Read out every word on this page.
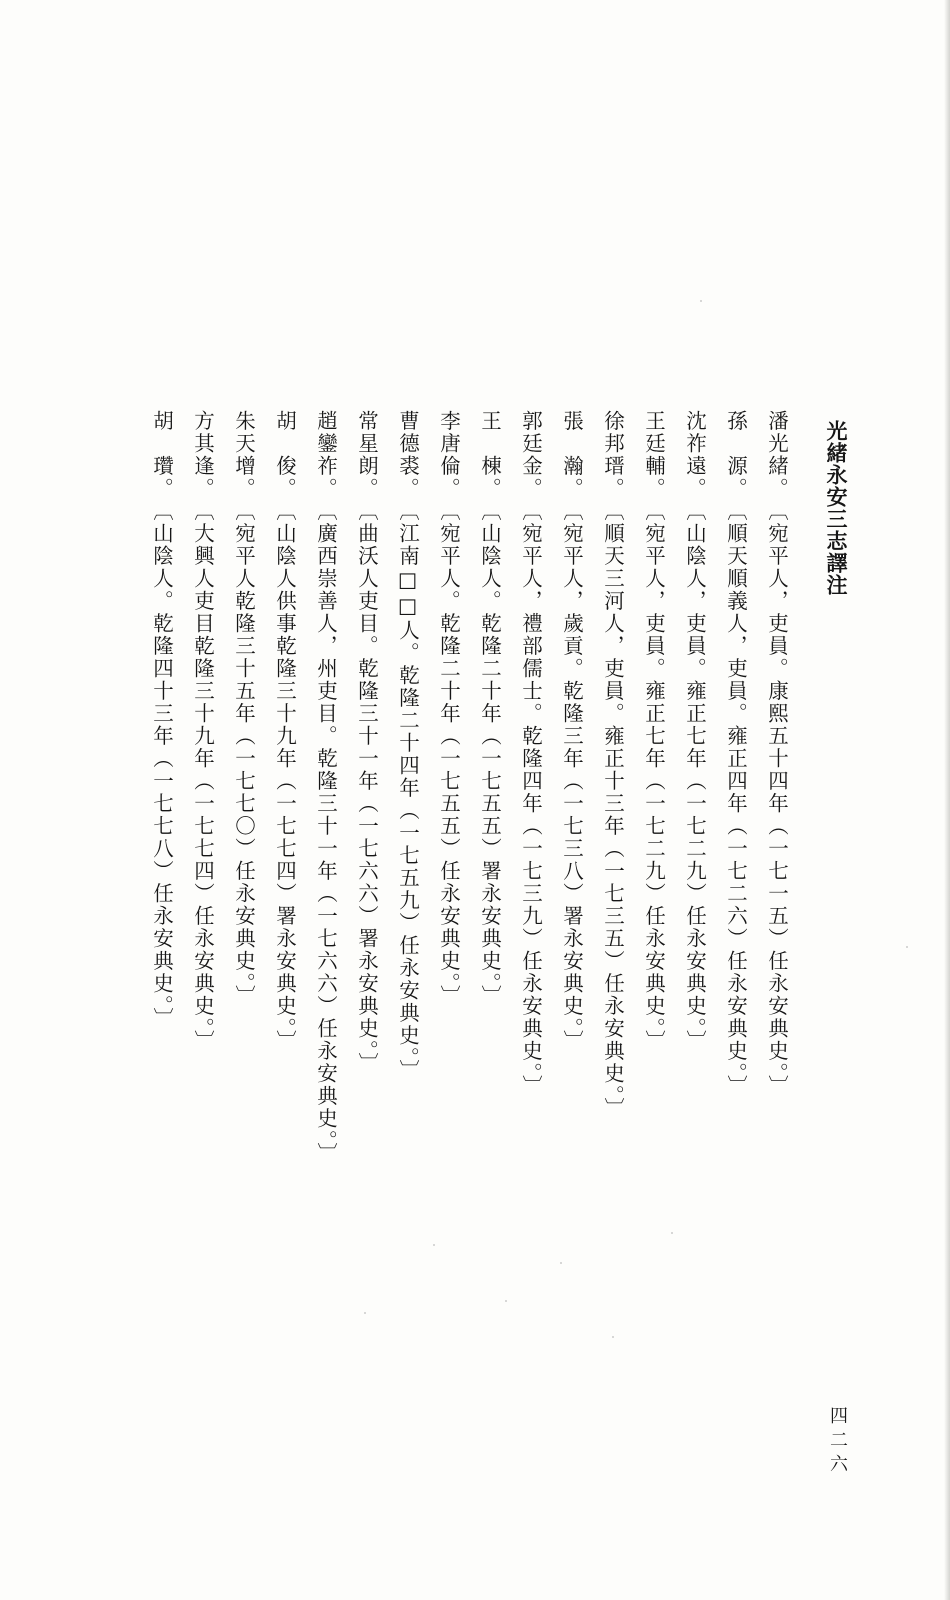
光緒永安三志譯注
潘光緒。〔宛平人，吏員。康熙五十四年（一七一五）任永安典史。〕
孫　源。〔順天順義人，吏員。雍正四年（一七二六）任永安典史。〕
沈祚遠。〔山陰人，吏員。雍正七年（一七二九）任永安典史。〕
王廷輔。〔宛平人，吏員。雍正七年（一七二九）任永安典史。〕
徐邦瑨。〔順天三河人，吏員。雍正十三年（一七三五）任永安典史。〕
張　瀚。〔宛平人，歲貢。乾隆三年（一七三八）署永安典史。〕
郭廷金。〔宛平人，禮部儒士。乾隆四年（一七三九）任永安典史。〕
王　棟。〔山陰人。乾隆二十年（一七五五）署永安典史。〕
李唐倫。〔宛平人。乾隆二十年（一七五五）任永安典史。〕
曹德裘。〔江南□□人。乾隆二十四年（一七五九）任永安典史。〕
常星朗。〔曲沃人吏目。乾隆三十一年（一七六六）署永安典史。〕
趙鑾祚。〔廣西崇善人，州吏目。乾隆三十一年（一七六六）任永安典史。〕
胡　俊。〔山陰人供事乾隆三十九年（一七七四）署永安典史。〕
朱天增。〔宛平人乾隆三十五年（一七七〇）任永安典史。〕
方其逢。〔大興人吏目乾隆三十九年（一七七四）任永安典史。〕
胡　瓚。〔山陰人。乾隆四十三年（一七七八）任永安典史。〕
四二六
